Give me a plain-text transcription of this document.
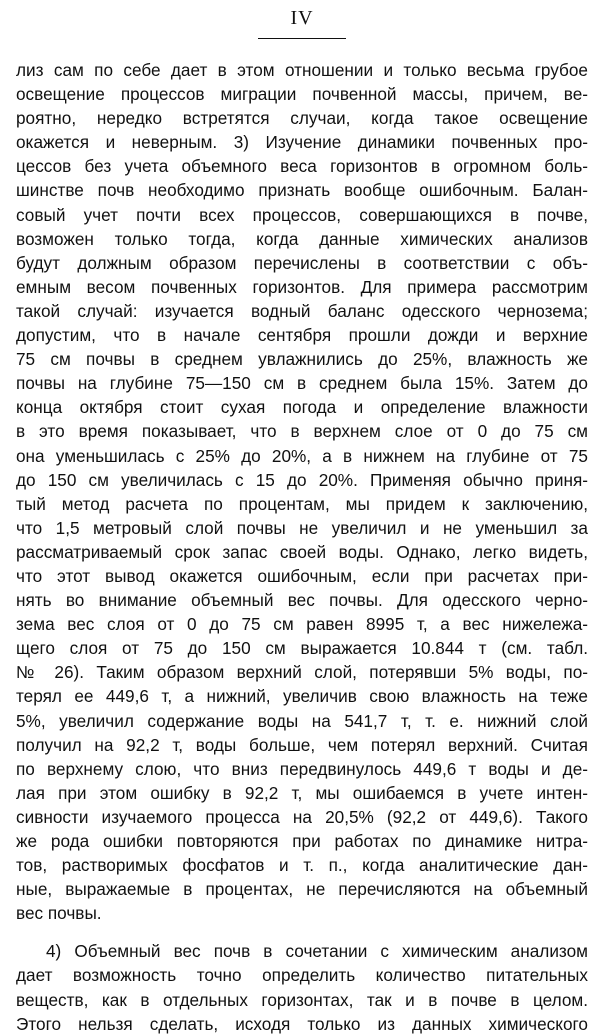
IV
лиз сам по себе дает в этом отношении и только весьма грубое
освещение процессов миграции почвенной массы, причем, ве-
роятно, нередко встретятся случаи, когда такое освещение
окажется и неверным. 3) Изучение динамики почвенных про-
цессов без учета объемного веса горизонтов в огромном боль-
шинстве почв необходимо признать вообще ошибочным. Балан-
совый учет почти всех процессов, совершающихся в почве,
возможен только тогда, когда данные химических анализов
будут должным образом перечислены в соответствии с объ-
емным весом почвенных горизонтов. Для примера рассмотрим
такой случай: изучается водный баланс одесского чернозема;
допустим, что в начале сентября прошли дожди и верхние
75 см почвы в среднем увлажнились до 25%, влажность же
почвы на глубине 75—150 см в среднем была 15%. Затем до
конца октября стоит сухая погода и определение влажности
в это время показывает, что в верхнем слое от 0 до 75 см
она уменьшилась с 25% до 20%, а в нижнем на глубине от 75
до 150 см увеличилась с 15 до 20%. Применяя обычно приня-
тый метод расчета по процентам, мы придем к заключению,
что 1,5 метровый слой почвы не увеличил и не уменьшил за
рассматриваемый срок запас своей воды. Однако, легко видеть,
что этот вывод окажется ошибочным, если при расчетах при-
нять во внимание объемный вес почвы. Для одесского черно-
зема вес слоя от 0 до 75 см равен 8995 т, а вес нижележа-
щего слоя от 75 до 150 см выражается 10.844 т (см. табл.
№ 26). Таким образом верхний слой, потерявши 5% воды, по-
терял ее 449,6 т, а нижний, увеличив свою влажность на теже
5%, увеличил содержание воды на 541,7 т, т. е. нижний слой
получил на 92,2 т, воды больше, чем потерял верхний. Считая
по верхнему слою, что вниз передвинулось 449,6 т воды и де-
лая при этом ошибку в 92,2 т, мы ошибаемся в учете интен-
сивности изучаемого процесса на 20,5% (92,2 от 449,6). Такого
же рода ошибки повторяются при работах по динамике нитра-
тов, растворимых фосфатов и т. п., когда аналитические дан-
ные, выражаемые в процентах, не перечисляются на объемный
вес почвы.
4) Объемный вес почв в сочетании с химическим анализом
дает возможность точно определить количество питательных
веществ, как в отдельных горизонтах, так и в почве в целом.
Этого нельзя сделать, исходя только из данных химического
